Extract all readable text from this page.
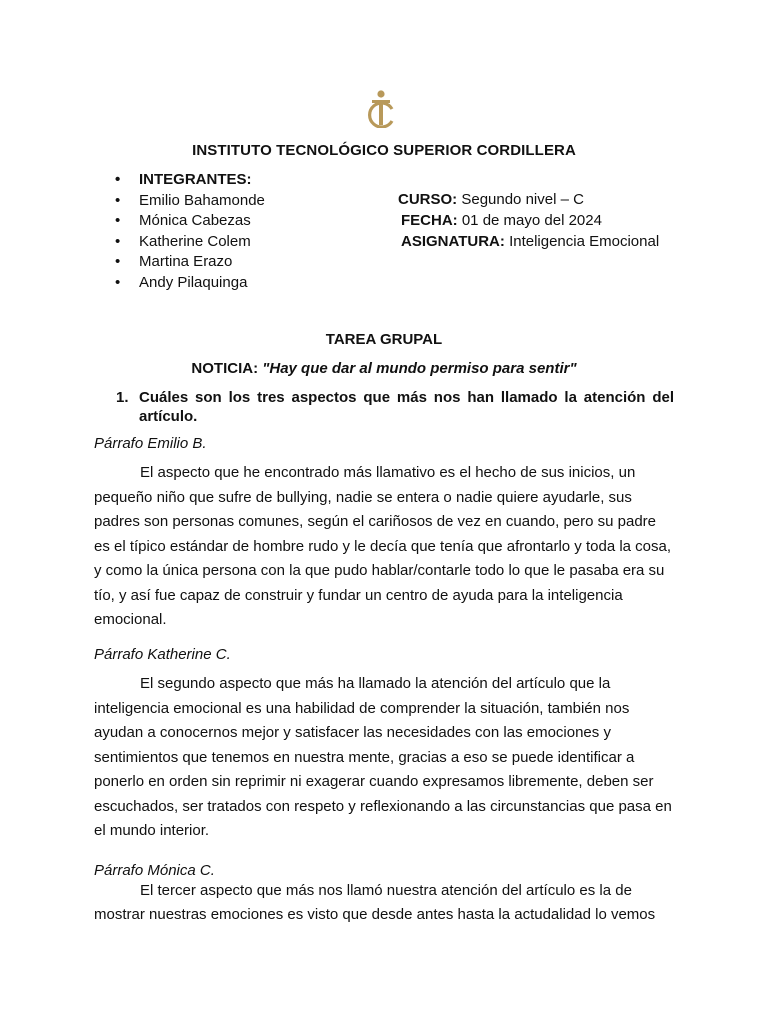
INSTITUTO TECNOLÓGICO SUPERIOR CORDILLERA
• INTEGRANTES:
• Emilio Bahamonde
• Mónica Cabezas
• Katherine Colem
• Martina Erazo
• Andy Pilaquinga
CURSO: Segundo nivel – C
FECHA: 01 de mayo del 2024
ASIGNATURA: Inteligencia Emocional
TAREA GRUPAL
NOTICIA: "Hay que dar al mundo permiso para sentir"
1. Cuáles son los tres aspectos que más nos han llamado la atención del artículo.
Párrafo Emilio B.

El aspecto que he encontrado más llamativo es el hecho de sus inicios, un pequeño niño que sufre de bullying, nadie se entera o nadie quiere ayudarle, sus padres son personas comunes, según el cariñosos de vez en cuando, pero su padre es el típico estándar de hombre rudo y le decía que tenía que afrontarlo y toda la cosa, y como la única persona con la que pudo hablar/contarle todo lo que le pasaba era su tío, y así fue capaz de construir y fundar un centro de ayuda para la inteligencia emocional.

Párrafo Katherine C.

El segundo aspecto que más ha llamado la atención del artículo que la inteligencia emocional es una habilidad de comprender la situación, también nos ayudan a conocernos mejor y satisfacer las necesidades con las emociones y sentimientos que tenemos en nuestra mente, gracias a eso se puede identificar a ponerlo en orden sin reprimir ni exagerar cuando expresamos libremente, deben ser escuchados, ser tratados con respeto y reflexionando a las circunstancias que pasa en el mundo interior.

Párrafo Mónica C.

El tercer aspecto que más nos llamó nuestra atención del artículo es la de mostrar nuestras emociones es visto que desde antes hasta la actudalidad lo vemos
